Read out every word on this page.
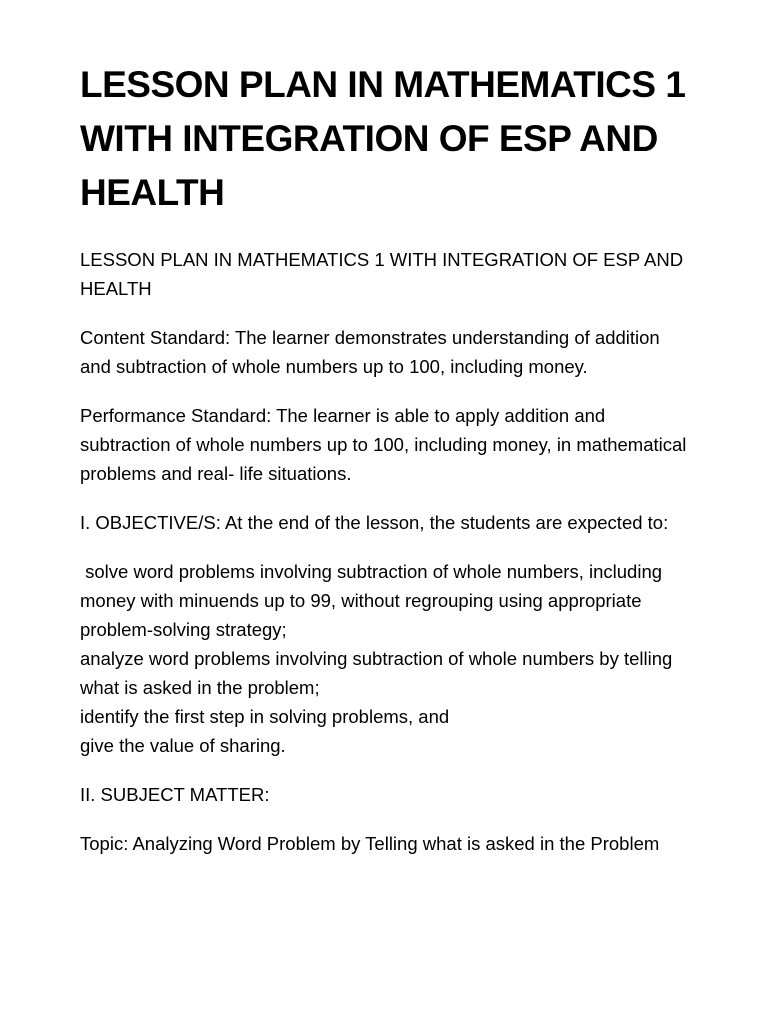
LESSON PLAN IN MATHEMATICS 1 WITH INTEGRATION OF ESP AND HEALTH

LESSON PLAN IN MATHEMATICS 1 WITH INTEGRATION OF ESP AND HEALTH

Content Standard: The learner demonstrates understanding of addition and subtraction of whole numbers up to 100, including money.

Performance Standard: The learner is able to apply addition and subtraction of whole numbers up to 100, including money, in mathematical problems and real- life situations.

I. OBJECTIVE/S: At the end of the lesson, the students are expected to:

solve word problems involving subtraction of whole numbers, including money with minuends up to 99, without regrouping using appropriate problem-solving strategy;
analyze word problems involving subtraction of whole numbers by telling what is asked in the problem;
identify the first step in solving problems, and
give the value of sharing.

II. SUBJECT MATTER:

Topic: Analyzing Word Problem by Telling what is asked in the Problem
